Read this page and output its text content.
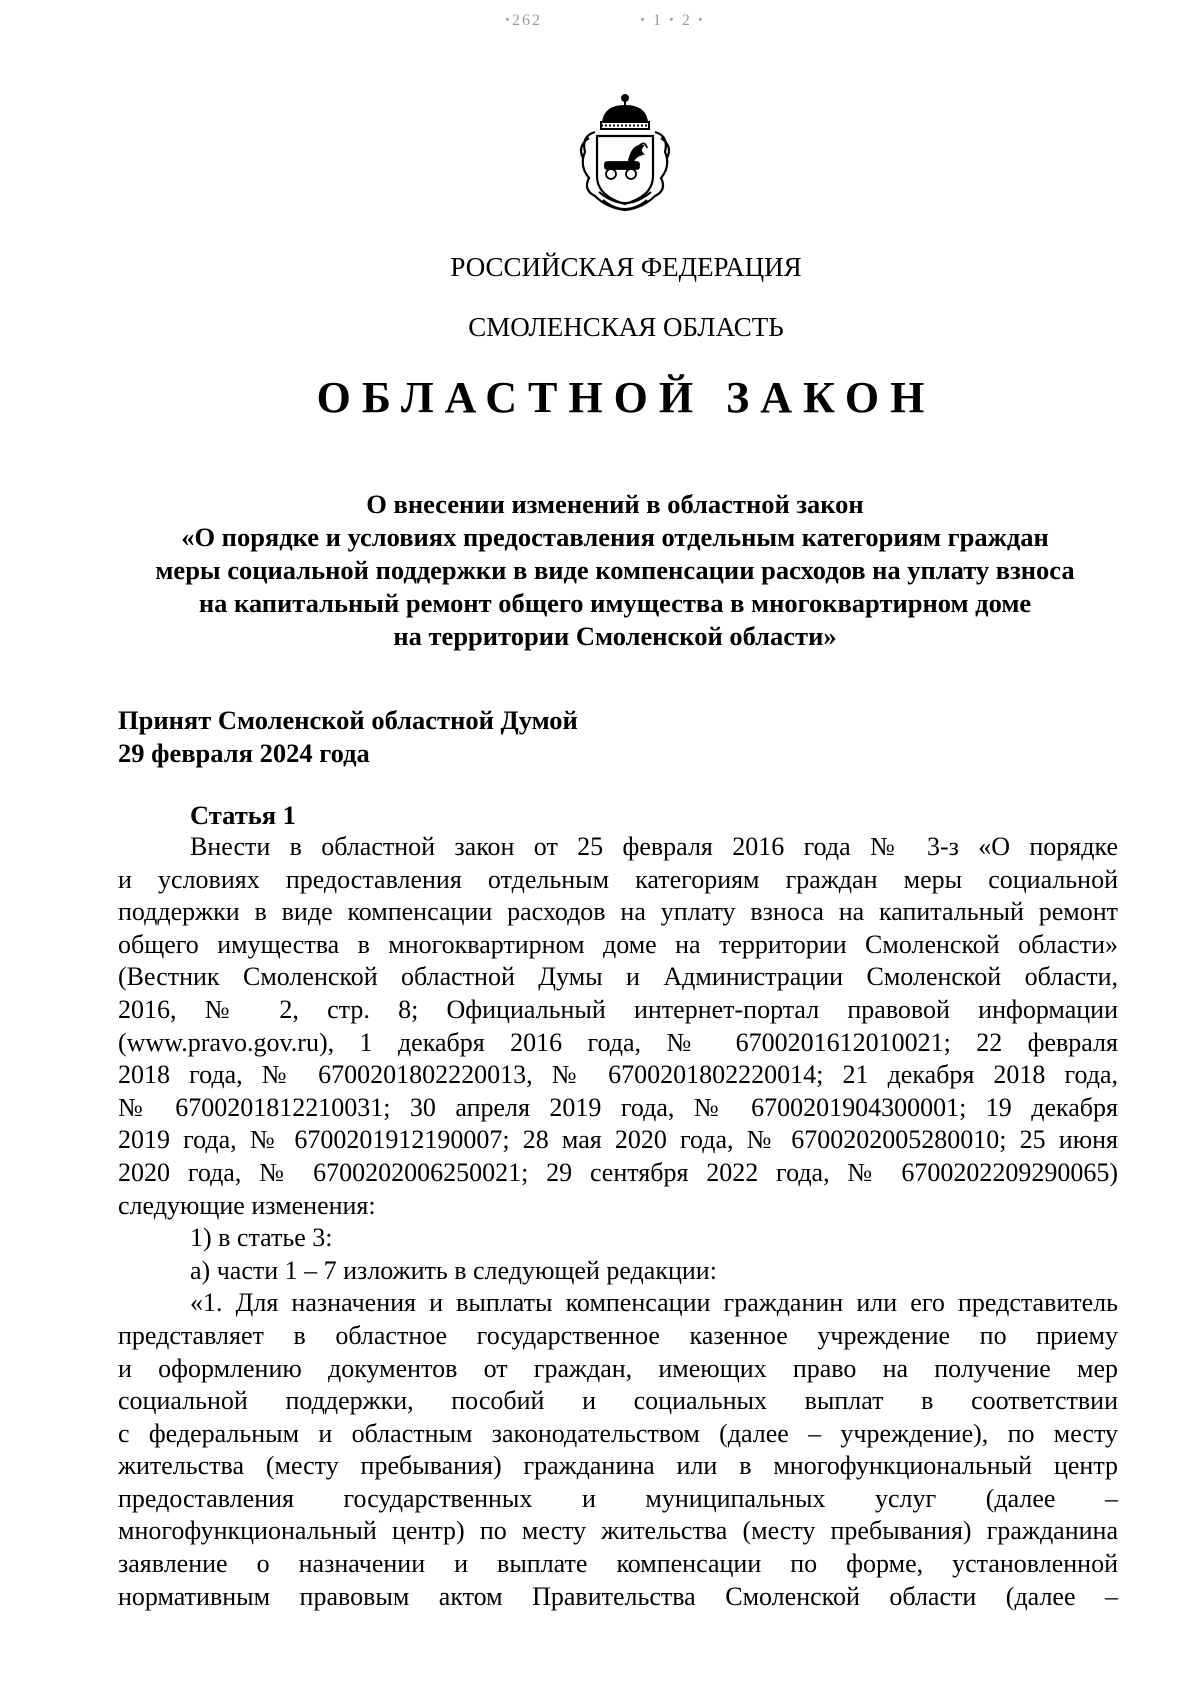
ꞏ262	ꞏ 1 ꞏ 2 ꞏ
РОССИЙСКАЯ ФЕДЕРАЦИЯ
СМОЛЕНСКАЯ ОБЛАСТЬ
ОБЛАСТНОЙ ЗАКОН
О внесении изменений в областной закон
«О порядке и условиях предоставления отдельным категориям граждан
меры социальной поддержки в виде компенсации расходов на уплату взноса
на капитальный ремонт общего имущества в многоквартирном доме
на территории Смоленской области»
Принят Смоленской областной Думой
29 февраля 2024 года
Статья 1
Внести в областной закон от 25 февраля 2016 года № 3-з «О порядке
и условиях предоставления отдельным категориям граждан меры социальной
поддержки в виде компенсации расходов на уплату взноса на капитальный ремонт
общего имущества в многоквартирном доме на территории Смоленской области»
(Вестник Смоленской областной Думы и Администрации Смоленской области,
2016, № 2, стр. 8; Официальный интернет-портал правовой информации
(www.pravo.gov.ru), 1 декабря 2016 года, № 6700201612010021; 22 февраля
2018 года, № 6700201802220013, № 6700201802220014; 21 декабря 2018 года,
№ 6700201812210031; 30 апреля 2019 года, № 6700201904300001; 19 декабря
2019 года, № 6700201912190007; 28 мая 2020 года, № 6700202005280010; 25 июня
2020 года, № 6700202006250021; 29 сентября 2022 года, № 6700202209290065)
следующие изменения:
1) в статье 3:
а) части 1 – 7 изложить в следующей редакции:
«1. Для назначения и выплаты компенсации гражданин или его представитель
представляет в областное государственное казенное учреждение по приему
и оформлению документов от граждан, имеющих право на получение мер
социальной поддержки, пособий и социальных выплат в соответствии
с федеральным и областным законодательством (далее – учреждение), по месту
жительства (месту пребывания) гражданина или в многофункциональный центр
предоставления государственных и муниципальных услуг (далее –
многофункциональный центр) по месту жительства (месту пребывания) гражданина
заявление о назначении и выплате компенсации по форме, установленной
нормативным правовым актом Правительства Смоленской области (далее –
